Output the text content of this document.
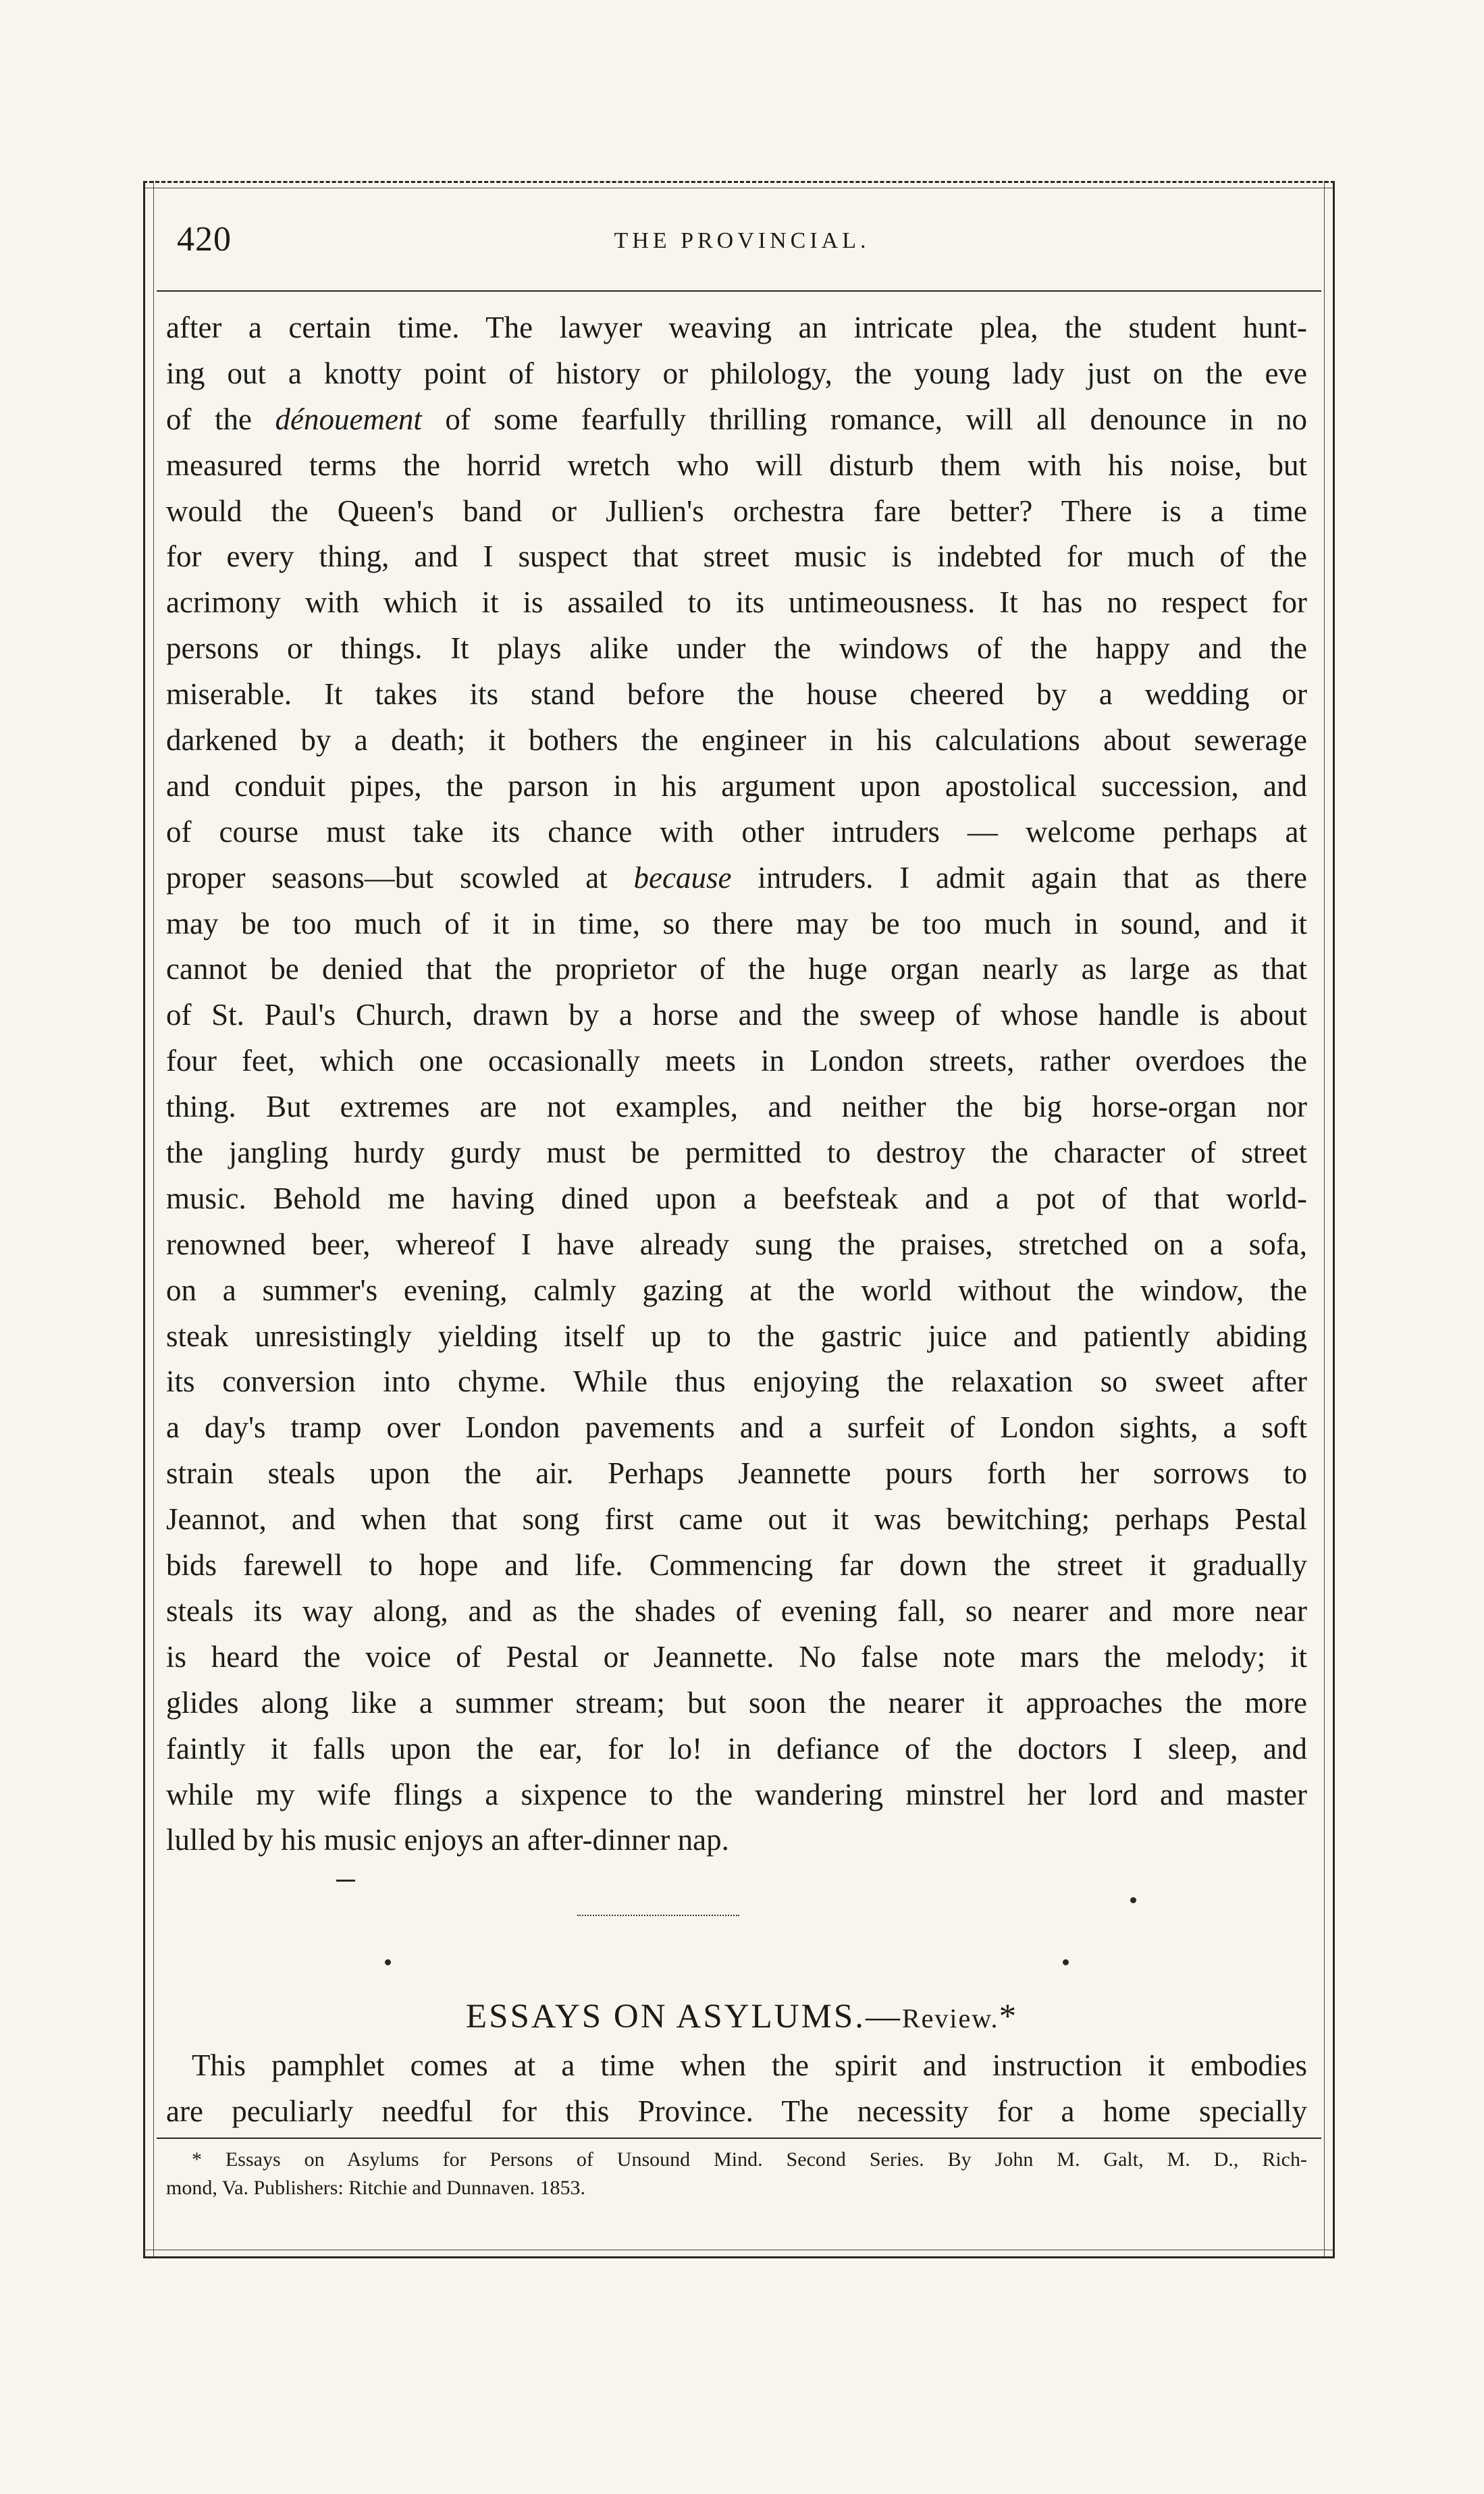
420	THE PROVINCIAL.
after a certain time. The lawyer weaving an intricate plea, the student hunt-
ing out a knotty point of history or philology, the young lady just on the eve
of the dénouement of some fearfully thrilling romance, will all denounce in no
measured terms the horrid wretch who will disturb them with his noise, but
would the Queen's band or Jullien's orchestra fare better? There is a time
for every thing, and I suspect that street music is indebted for much of the
acrimony with which it is assailed to its untimeousness. It has no respect for
persons or things. It plays alike under the windows of the happy and the
miserable. It takes its stand before the house cheered by a wedding or
darkened by a death; it bothers the engineer in his calculations about sewerage
and conduit pipes, the parson in his argument upon apostolical succession, and
of course must take its chance with other intruders — welcome perhaps at
proper seasons—but scowled at because intruders. I admit again that as there
may be too much of it in time, so there may be too much in sound, and it
cannot be denied that the proprietor of the huge organ nearly as large as that
of St. Paul's Church, drawn by a horse and the sweep of whose handle is about
four feet, which one occasionally meets in London streets, rather overdoes the
thing. But extremes are not examples, and neither the big horse-organ nor
the jangling hurdy gurdy must be permitted to destroy the character of street
music. Behold me having dined upon a beefsteak and a pot of that world-
renowned beer, whereof I have already sung the praises, stretched on a sofa,
on a summer's evening, calmly gazing at the world without the window, the
steak unresistingly yielding itself up to the gastric juice and patiently abiding
its conversion into chyme. While thus enjoying the relaxation so sweet after
a day's tramp over London pavements and a surfeit of London sights, a soft
strain steals upon the air. Perhaps Jeannette pours forth her sorrows to
Jeannot, and when that song first came out it was bewitching; perhaps Pestal
bids farewell to hope and life. Commencing far down the street it gradually
steals its way along, and as the shades of evening fall, so nearer and more near
is heard the voice of Pestal or Jeannette. No false note mars the melody; it
glides along like a summer stream; but soon the nearer it approaches the more
faintly it falls upon the ear, for lo! in defiance of the doctors I sleep, and
while my wife flings a sixpence to the wandering minstrel her lord and master
lulled by his music enjoys an after-dinner nap.
ESSAYS ON ASYLUMS.—Review.*
This pamphlet comes at a time when the spirit and instruction it embodies
are peculiarly needful for this Province. The necessity for a home specially
* Essays on Asylums for Persons of Unsound Mind. Second Series. By John M. Galt, M. D., Rich-
mond, Va. Publishers: Ritchie and Dunnaven. 1853.
